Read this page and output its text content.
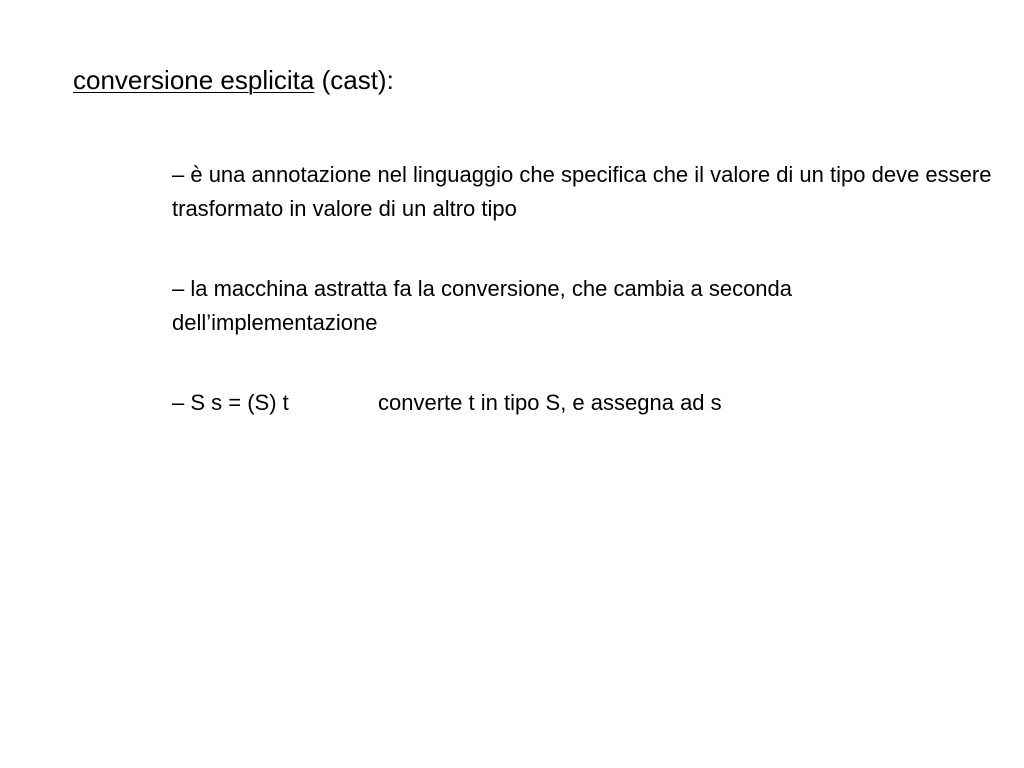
conversione esplicita (cast):
– è una annotazione nel linguaggio che specifica che il valore di un tipo deve essere trasformato in valore di un altro tipo
– la macchina astratta fa la conversione, che cambia a seconda dell’implementazione
– S s = (S) t	converte t in tipo S, e assegna ad s
